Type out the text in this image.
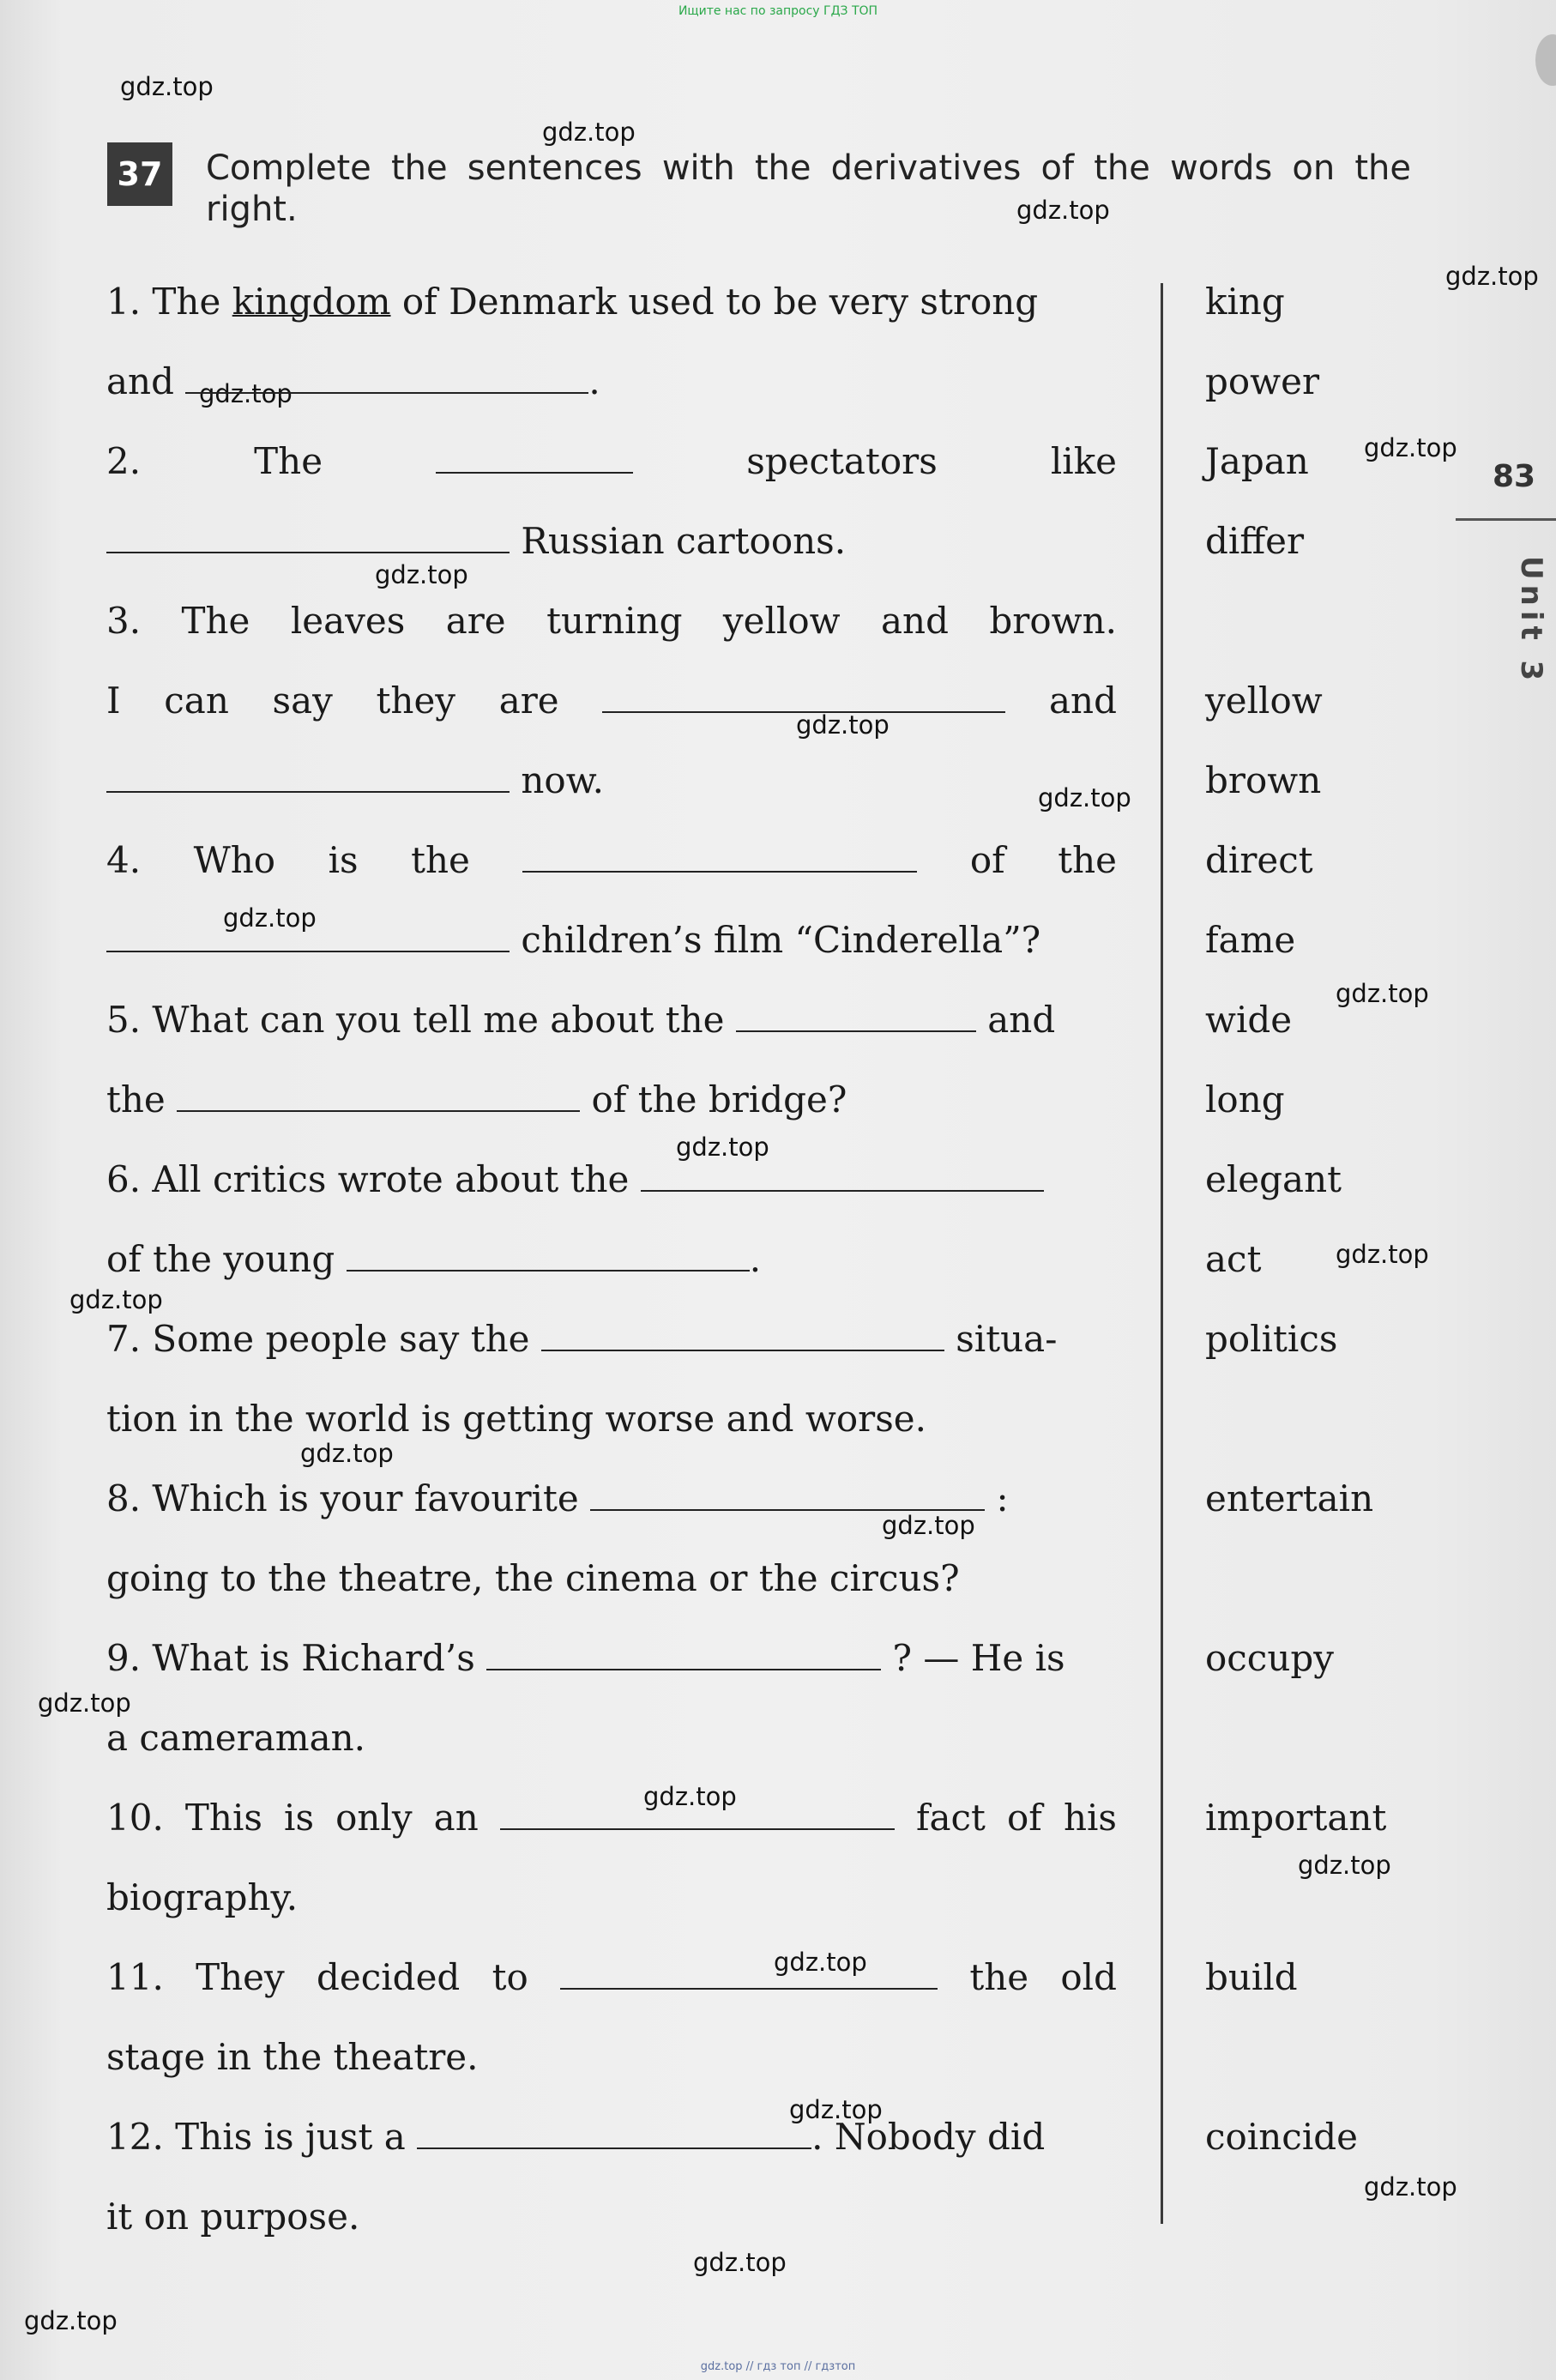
Ищите нас по запросу ГДЗ ТОП
gdz.top
gdz.top
gdz.top
gdz.top
gdz.top
gdz.top
gdz.top
gdz.top
gdz.top
gdz.top
gdz.top
gdz.top
gdz.top
gdz.top
gdz.top
gdz.top
gdz.top
gdz.top
gdz.top
gdz.top
gdz.top
gdz.top
gdz.top
gdz.top
37 Complete the sentences with the derivatives of the words on the right.
83
Unit 3
1. The kingdom of Denmark used to be very strong
and	.
2. The	spectators	like
Russian cartoons.
3. The leaves are turning yellow and brown.
I can say they are	and
now.
4. Who is the	of the
children’s film “Cinderella”?
5. What can you tell me about the	and
the	of the bridge?
6. All critics wrote about the
of the young	.
7. Some people say the	situa-
tion in the world is getting worse and worse.
8. Which is your favourite	:
going to the theatre, the cinema or the circus?
9. What is Richard’s	? — He is
a cameraman.
10. This is only an	fact of his
biography.
11. They decided to	the old
stage in the theatre.
12. This is just a	. Nobody did
it on purpose.
king
power
Japan
differ
yellow
brown
direct
fame
wide
long
elegant
act
politics
entertain
occupy
important
build
coincide
gdz.top // гдз топ // гдзтоп
